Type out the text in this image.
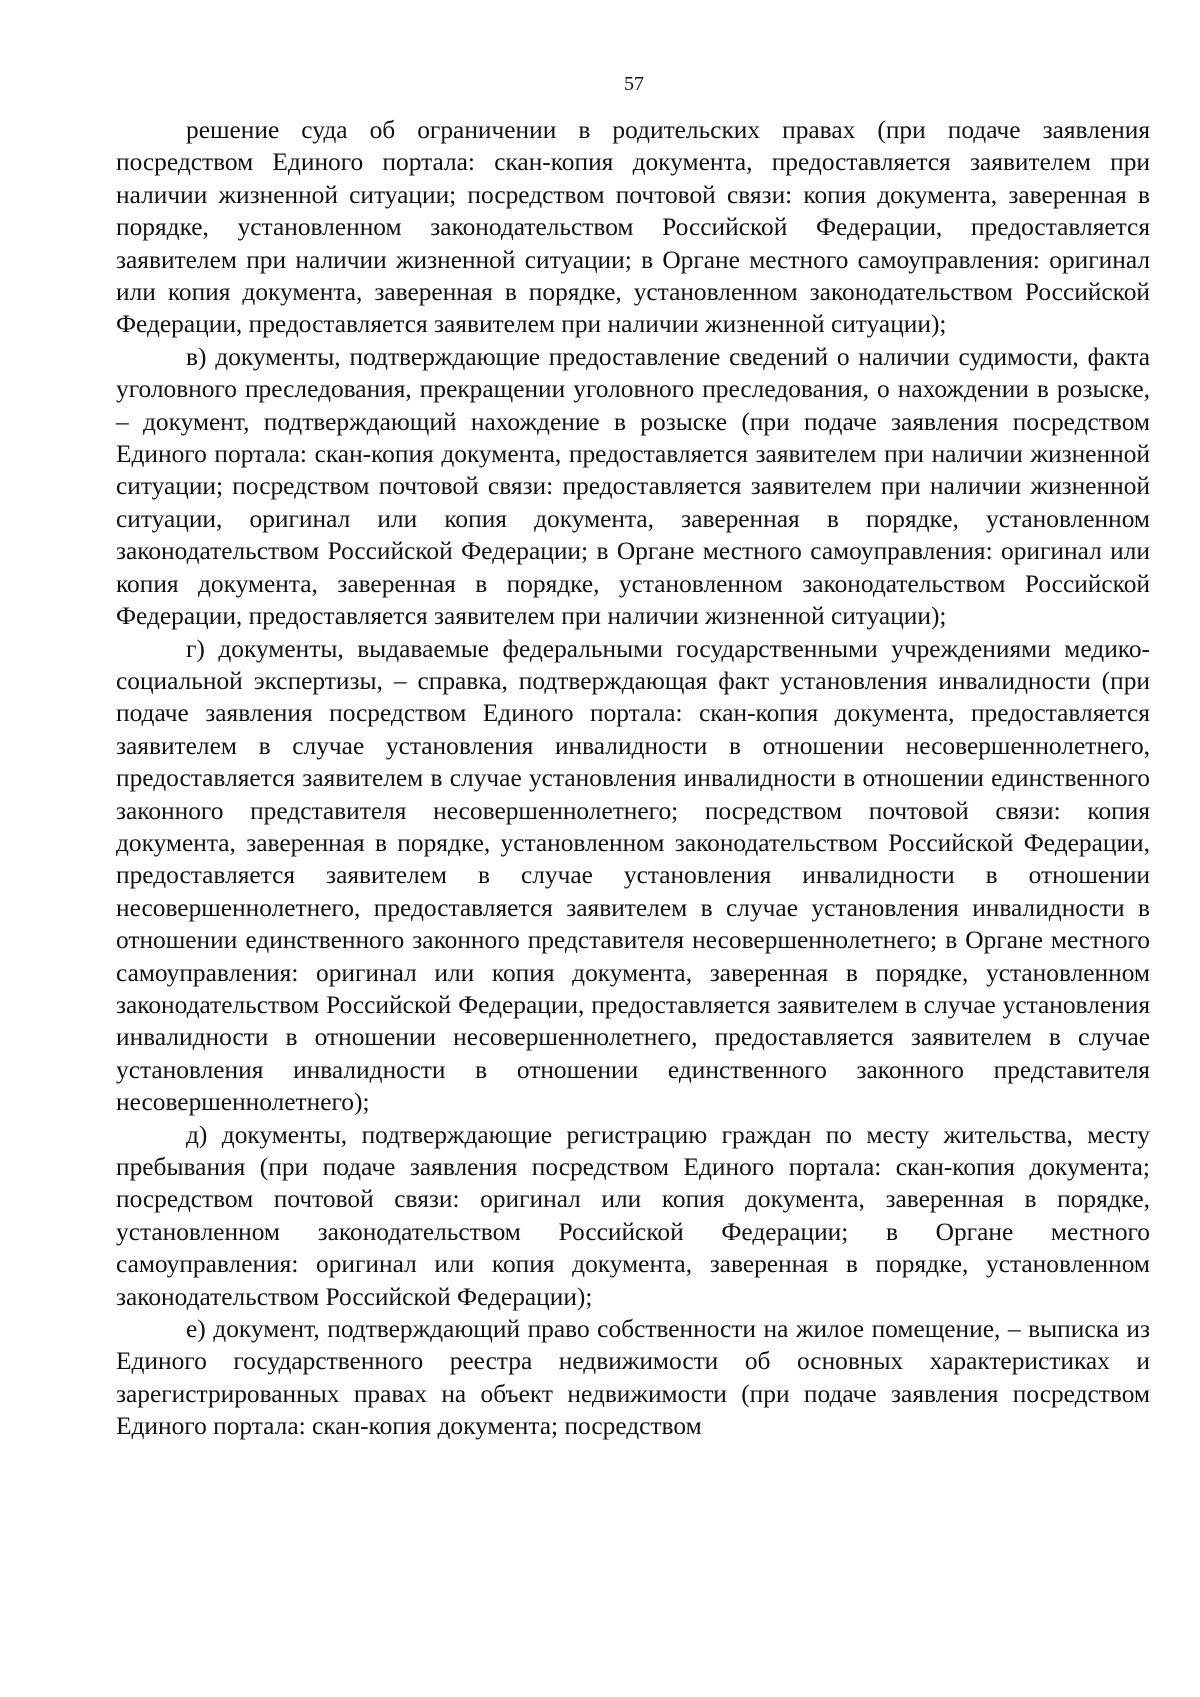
57

решение суда об ограничении в родительских правах (при подаче заявления посредством Единого портала: скан-копия документа, предоставляется заявителем при наличии жизненной ситуации; посредством почтовой связи: копия документа, заверенная в порядке, установленном законодательством Российской Федерации, предоставляется заявителем при наличии жизненной ситуации; в Органе местного самоуправления: оригинал или копия документа, заверенная в порядке, установленном законодательством Российской Федерации, предоставляется заявителем при наличии жизненной ситуации);

в) документы, подтверждающие предоставление сведений о наличии судимости, факта уголовного преследования, прекращении уголовного преследования, о нахождении в розыске, – документ, подтверждающий нахождение в розыске (при подаче заявления посредством Единого портала: скан-копия документа, предоставляется заявителем при наличии жизненной ситуации; посредством почтовой связи: предоставляется заявителем при наличии жизненной ситуации, оригинал или копия документа, заверенная в порядке, установленном законодательством Российской Федерации; в Органе местного самоуправления: оригинал или копия документа, заверенная в порядке, установленном законодательством Российской Федерации, предоставляется заявителем при наличии жизненной ситуации);

г) документы, выдаваемые федеральными государственными учреждениями медико-социальной экспертизы, – справка, подтверждающая факт установления инвалидности (при подаче заявления посредством Единого портала: скан-копия документа, предоставляется заявителем в случае установления инвалидности в отношении несовершеннолетнего, предоставляется заявителем в случае установления инвалидности в отношении единственного законного представителя несовершеннолетнего; посредством почтовой связи: копия документа, заверенная в порядке, установленном законодательством Российской Федерации, предоставляется заявителем в случае установления инвалидности в отношении несовершеннолетнего, предоставляется заявителем в случае установления инвалидности в отношении единственного законного представителя несовершеннолетнего; в Органе местного самоуправления: оригинал или копия документа, заверенная в порядке, установленном законодательством Российской Федерации, предоставляется заявителем в случае установления инвалидности в отношении несовершеннолетнего, предоставляется заявителем в случае установления инвалидности в отношении единственного законного представителя несовершеннолетнего);

д) документы, подтверждающие регистрацию граждан по месту жительства, месту пребывания (при подаче заявления посредством Единого портала: скан-копия документа; посредством почтовой связи: оригинал или копия документа, заверенная в порядке, установленном законодательством Российской Федерации; в Органе местного самоуправления: оригинал или копия документа, заверенная в порядке, установленном законодательством Российской Федерации);

е) документ, подтверждающий право собственности на жилое помещение, – выписка из Единого государственного реестра недвижимости об основных характеристиках и зарегистрированных правах на объект недвижимости (при подаче заявления посредством Единого портала: скан-копия документа; посредством
